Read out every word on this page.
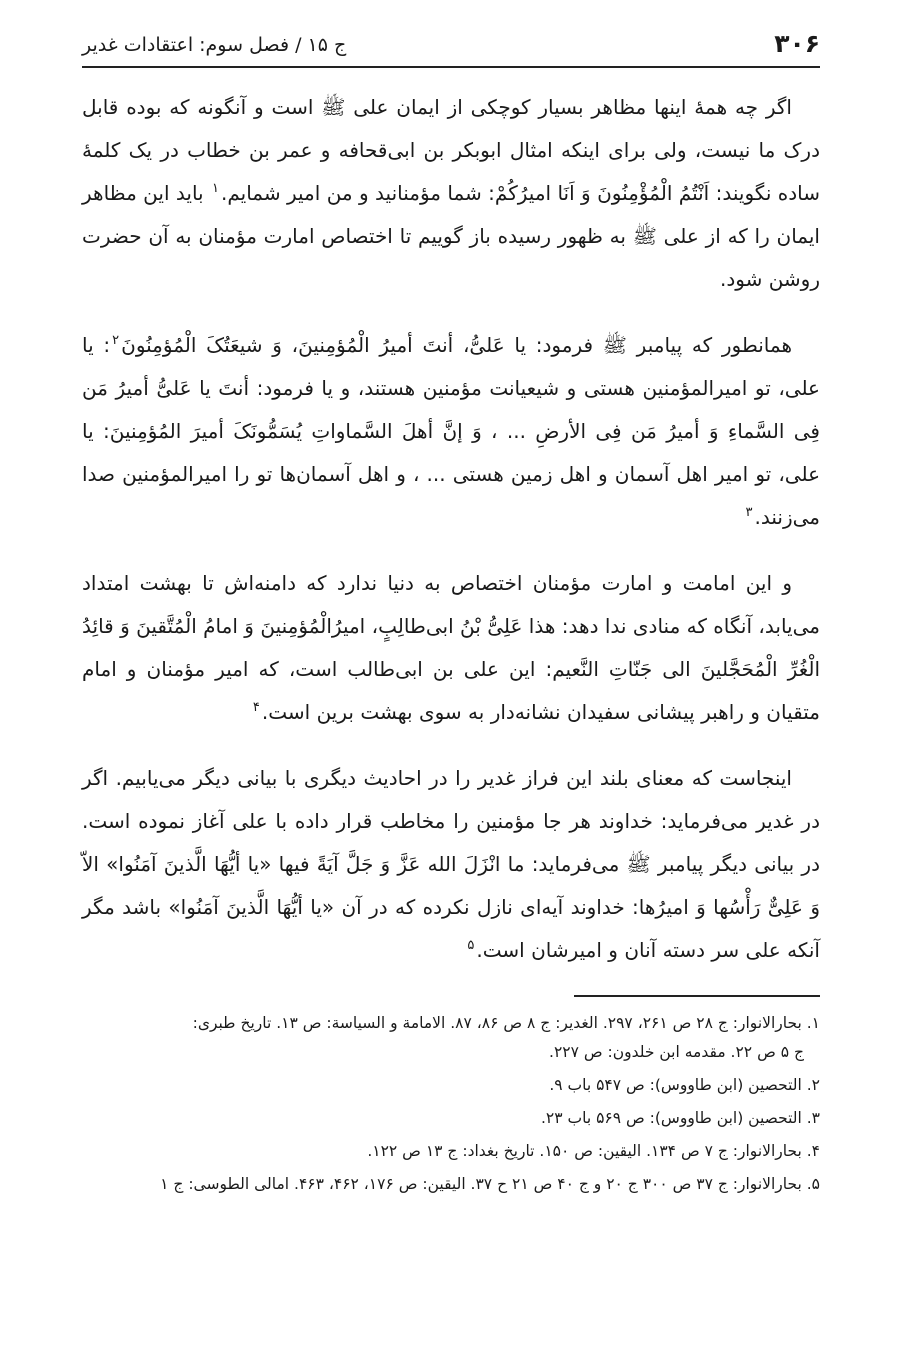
۳۰۶
ج ۱۵ / فصل سوم: اعتقادات غدیر

اگر چه همهٔ اینها مظاهر بسیار کوچکی از ایمان علی ﷺ است و آنگونه که بوده قابل درک ما نیست، ولی برای اینکه امثال ابوبکر بن ابی‌قحافه و عمر بن خطاب در یک کلمهٔ ساده نگویند: اَنْتُمُ الْمُؤْمِنُونَ وَ اَنَا امیرُکُمْ: شما مؤمنانید و من امیر شمایم.$^۱$ باید این مظاهر ایمان را که از علی ﷺ به ظهور رسیده باز گوییم تا اختصاص امارت مؤمنان به آن حضرت روشن شود.

همانطور که پیامبر ﷺ فرمود: یا عَلیُّ، أنتَ أمیرُ الْمُؤمِنینَ، وَ شیعَتُکَ الْمُؤمِنُونَ$^۲$: یا علی، تو امیرالمؤمنین هستی و شیعیانت مؤمنین هستند، و یا فرمود: أنتَ یا عَلیُّ أمیرُ مَن فِی السَّماءِ وَ أمیرُ مَن فِی الأرضِ ... ، وَ إنَّ أهلَ السَّماواتِ یُسَمُّونَکَ أمیرَ المُؤمِنینَ: یا علی، تو امیر اهل آسمان و اهل زمین هستی ... ، و اهل آسمان‌ها تو را امیرالمؤمنین صدا می‌زنند.$^۳$

و این امامت و امارت مؤمنان اختصاص به دنیا ندارد که دامنه‌اش تا بهشت امتداد می‌یابد، آنگاه که منادی ندا دهد: هذا عَلِیُّ بْنُ ابی‌طالِبٍ، امیرُالْمُؤمِنینَ وَ امامُ الْمُتَّقینَ وَ قائِدُ الْغُرِّ الْمُحَجَّلینَ الی جَنّاتِ النَّعیم: این علی بن ابی‌طالب است، که امیر مؤمنان و امام متقیان و راهبر پیشانی سفیدان نشانه‌دار به سوی بهشت برین است.$^۴$

اینجاست که معنای بلند این فراز غدیر را در احادیث دیگری با بیانی دیگر می‌یابیم. اگر در غدیر می‌فرماید: خداوند هر جا مؤمنین را مخاطب قرار داده با علی آغاز نموده است. در بیانی دیگر پیامبر ﷺ می‌فرماید: ما انْزَلَ الله عَزَّ وَ جَلَّ آیَةً فیها «یا أیُّهَا الَّذینَ آمَنُوا» الاّ وَ عَلِیٌّ رَأْسُها وَ امیرُها: خداوند آیه‌ای نازل نکرده که در آن «یا أیُّهَا الَّذینَ آمَنُوا» باشد مگر آنکه علی سر دسته آنان و امیرشان است.$^۵$

۱. بحارالانوار: ج ۲۸ ص ۲۶۱، ۲۹۷. الغدیر: ج ۸ ص ۸۶، ۸۷. الامامة و السیاسة: ص ۱۳. تاریخ طبری:
ج ۵ ص ۲۲. مقدمه ابن خلدون: ص ۲۲۷.

۲. التحصین (ابن طاووس): ص ۵۴۷ باب ۹.

۳. التحصین (ابن طاووس): ص ۵۶۹ باب ۲۳.

۴. بحارالانوار: ج ۷ ص ۱۳۴. الیقین: ص ۱۵۰. تاریخ بغداد: ج ۱۳ ص ۱۲۲.

۵. بحارالانوار: ج ۳۷ ص ۳۰۰ ج ۲۰ و ج ۴۰ ص ۲۱ ح ۳۷. الیقین: ص ۱۷۶، ۴۶۲، ۴۶۳. امالی الطوسی: ج ۱
